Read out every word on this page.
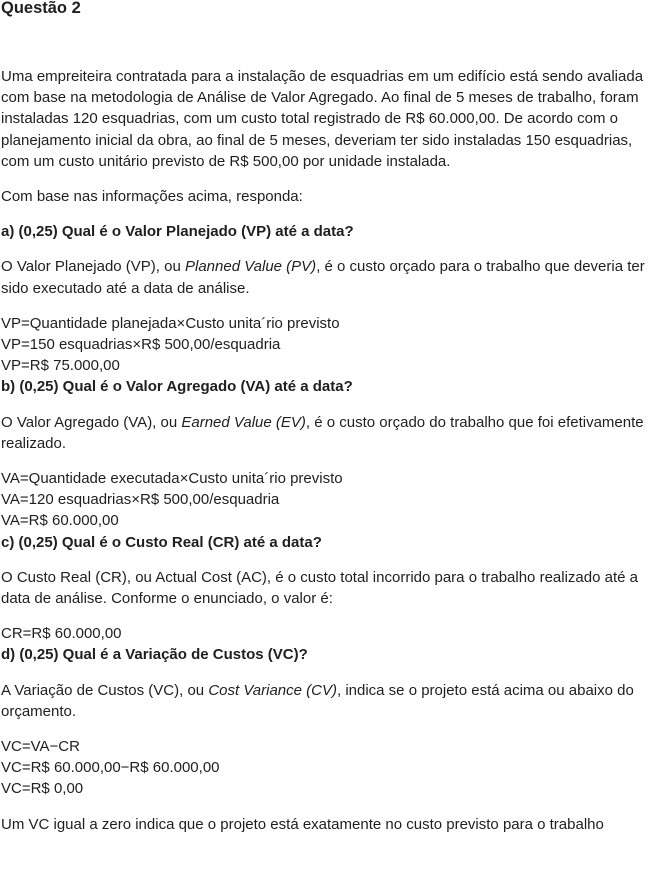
Questão 2

Uma empreiteira contratada para a instalação de esquadrias em um edifício está sendo avaliada com base na metodologia de Análise de Valor Agregado. Ao final de 5 meses de trabalho, foram instaladas 120 esquadrias, com um custo total registrado de R$ 60.000,00. De acordo com o planejamento inicial da obra, ao final de 5 meses, deveriam ter sido instaladas 150 esquadrias, com um custo unitário previsto de R$ 500,00 por unidade instalada.

Com base nas informações acima, responda:

a) (0,25) Qual é o Valor Planejado (VP) até a data?

O Valor Planejado (VP), ou Planned Value (PV), é o custo orçado para o trabalho que deveria ter sido executado até a data de análise.

VP=Quantidade planejada×Custo unita´rio previsto
VP=150 esquadrias×R$ 500,00/esquadria
VP=R$ 75.000,00
b) (0,25) Qual é o Valor Agregado (VA) até a data?

O Valor Agregado (VA), ou Earned Value (EV), é o custo orçado do trabalho que foi efetivamente realizado.

VA=Quantidade executada×Custo unita´rio previsto
VA=120 esquadrias×R$ 500,00/esquadria
VA=R$ 60.000,00
c) (0,25) Qual é o Custo Real (CR) até a data?

O Custo Real (CR), ou Actual Cost (AC), é o custo total incorrido para o trabalho realizado até a data de análise. Conforme o enunciado, o valor é:

CR=R$ 60.000,00
d) (0,25) Qual é a Variação de Custos (VC)?

A Variação de Custos (VC), ou Cost Variance (CV), indica se o projeto está acima ou abaixo do orçamento.

VC=VA−CR
VC=R$ 60.000,00−R$ 60.000,00
VC=R$ 0,00

Um VC igual a zero indica que o projeto está exatamente no custo previsto para o trabalho
